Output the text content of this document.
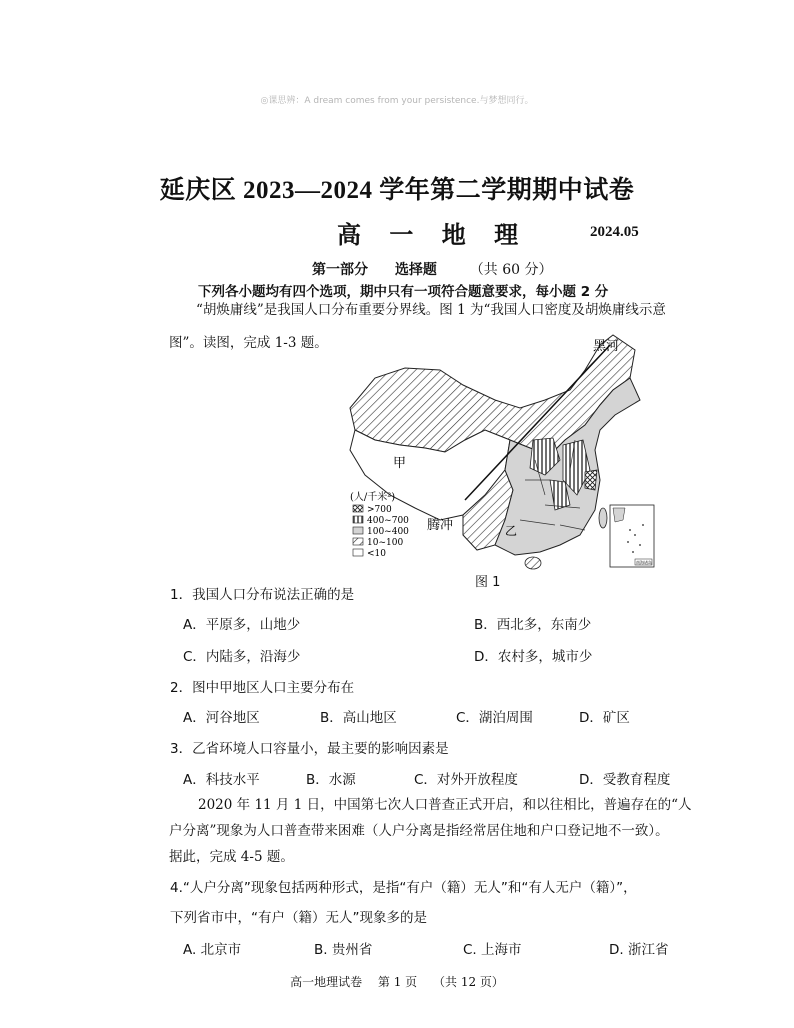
◎课思辨：A dream comes from your persistence.与梦想同行。
延庆区 2023—2024 学年第二学期期中试卷
高 一 地 理	2024.05
第一部分 选择题 （共 60 分）
下列各小题均有四个选项，期中只有一项符合题意要求，每小题 2 分
“胡焕庸线”是我国人口分布重要分界线。图 1 为“我国人口密度及胡焕庸线示意
图”。读图，完成 1-3 题。	黑河
甲
乙
腾冲
(人/千米²)
>700
400~700
100~400
10~100
<10
南海诸岛
图 1
1．我国人口分布说法正确的是
A．平原多，山地少	B．西北多，东南少
C．内陆多，沿海少	D．农村多，城市少
2．图中甲地区人口主要分布在
A．河谷地区	B．高山地区	C．湖泊周围	D．矿区
3．乙省环境人口容量小，最主要的影响因素是
A．科技水平	B．水源	C．对外开放程度	D．受教育程度
2020 年 11 月 1 日，中国第七次人口普查正式开启，和以往相比，普遍存在的“人
户分离”现象为人口普查带来困难（人户分离是指经常居住地和户口登记地不一致）。
据此，完成 4-5 题。
4.“人户分离”现象包括两种形式，是指“有户（籍）无人”和“有人无户（籍）”，
下列省市中，“有户（籍）无人”现象多的是
A. 北京市	B. 贵州省	C. 上海市	D. 浙江省
高一地理试卷 第 1 页 （共 12 页）
